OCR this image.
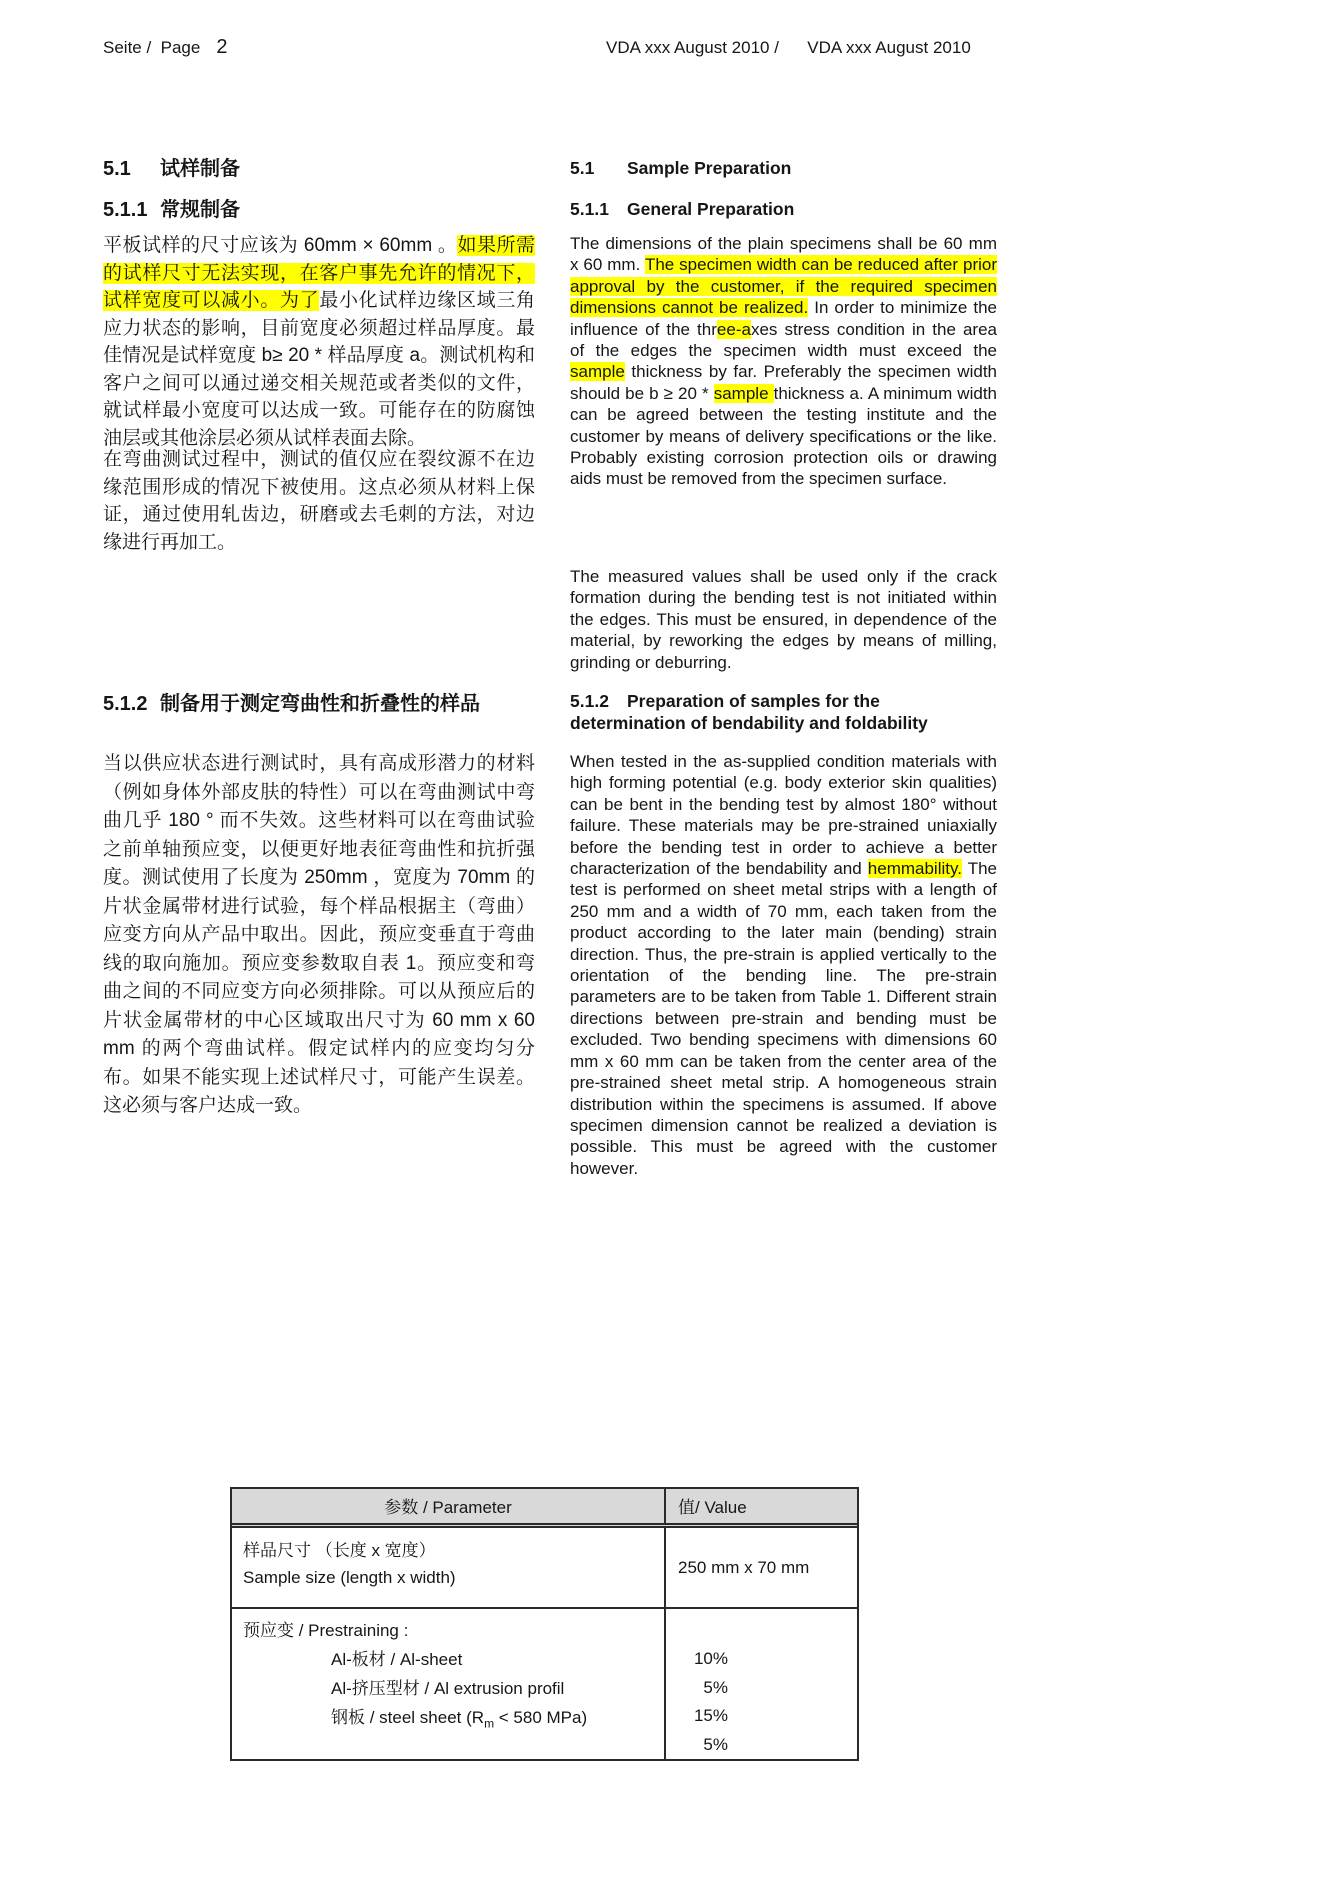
Seite /  Page 2	VDA xxx August 2010 /      VDA xxx August 2010
5.1 试样制备
5.1.1 常规制备
平板试样的尺寸应该为 60mm × 60mm 。如果所需的试样尺寸无法实现，在客户事先允许的情况下，试样宽度可以减小。为了最小化试样边缘区域三角应力状态的影响，目前宽度必须超过样品厚度。最佳情况是试样宽度 b≥ 20 * 样品厚度 a。测试机构和客户之间可以通过递交相关规范或者类似的文件，就试样最小宽度可以达成一致。可能存在的防腐蚀油层或其他涂层必须从试样表面去除。
在弯曲测试过程中，测试的值仅应在裂纹源不在边缘范围形成的情况下被使用。这点必须从材料上保证，通过使用轧齿边，研磨或去毛刺的方法，对边缘进行再加工。
5.1.2 制备用于测定弯曲性和折叠性的样品
当以供应状态进行测试时，具有高成形潜力的材料（例如身体外部皮肤的特性）可以在弯曲测试中弯曲几乎 180 ° 而不失效。这些材料可以在弯曲试验之前单轴预应变，以便更好地表征弯曲性和抗折强度。测试使用了长度为 250mm ，宽度为 70mm 的片状金属带材进行试验，每个样品根据主（弯曲）应变方向从产品中取出。因此，预应变垂直于弯曲线的取向施加。预应变参数取自表 1。预应变和弯曲之间的不同应变方向必须排除。可以从预应后的片状金属带材的中心区域取出尺寸为 60 mm x 60 mm 的两个弯曲试样。假定试样内的应变均匀分布。如果不能实现上述试样尺寸，可能产生误差。这必须与客户达成一致。
5.1 Sample Preparation
5.1.1 General Preparation
The dimensions of the plain specimens shall be 60 mm x 60 mm. The specimen width can be reduced after prior approval by the customer, if the required specimen dimensions cannot be realized. In order to minimize the influence of the three-axes stress condition in the area of the edges the specimen width must exceed the sample thickness by far. Preferably the specimen width should be b ≥ 20 * sample thickness a. A minimum width can be agreed between the testing institute and the customer by means of delivery specifications or the like. Probably existing corrosion protection oils or drawing aids must be removed from the specimen surface.
The measured values shall be used only if the crack formation during the bending test is not initiated within the edges. This must be ensured, in dependence of the material, by reworking the edges by means of milling, grinding or deburring.
5.1.2 Preparation of samples for the determination of bendability and foldability
When tested in the as-supplied condition materials with high forming potential (e.g. body exterior skin qualities) can be bent in the bending test by almost 180° without failure. These materials may be pre-strained uniaxially before the bending test in order to achieve a better characterization of the bendability and hemmability. The test is performed on sheet metal strips with a length of 250 mm and a width of 70 mm, each taken from the product according to the later main (bending) strain direction. Thus, the pre-strain is applied vertically to the orientation of the bending line. The pre-strain parameters are to be taken from Table 1. Different strain directions between pre-strain and bending must be excluded. Two bending specimens with dimensions 60 mm x 60 mm can be taken from the center area of the pre-strained sheet metal strip. A homogeneous strain distribution within the specimens is assumed. If above specimen dimension cannot be realized a deviation is possible. This must be agreed with the customer however.
参数 / Parameter	值/ Value
样品尺寸 （长度 x 宽度）
Sample size (length x width)
250 mm x 70 mm
预应变 / Prestraining :
Al-板材 / Al-sheet
Al-挤压型材 / Al extrusion profil
钢板 / steel sheet ($R_m < 580$ MPa)
10%
5%
15%
5%
